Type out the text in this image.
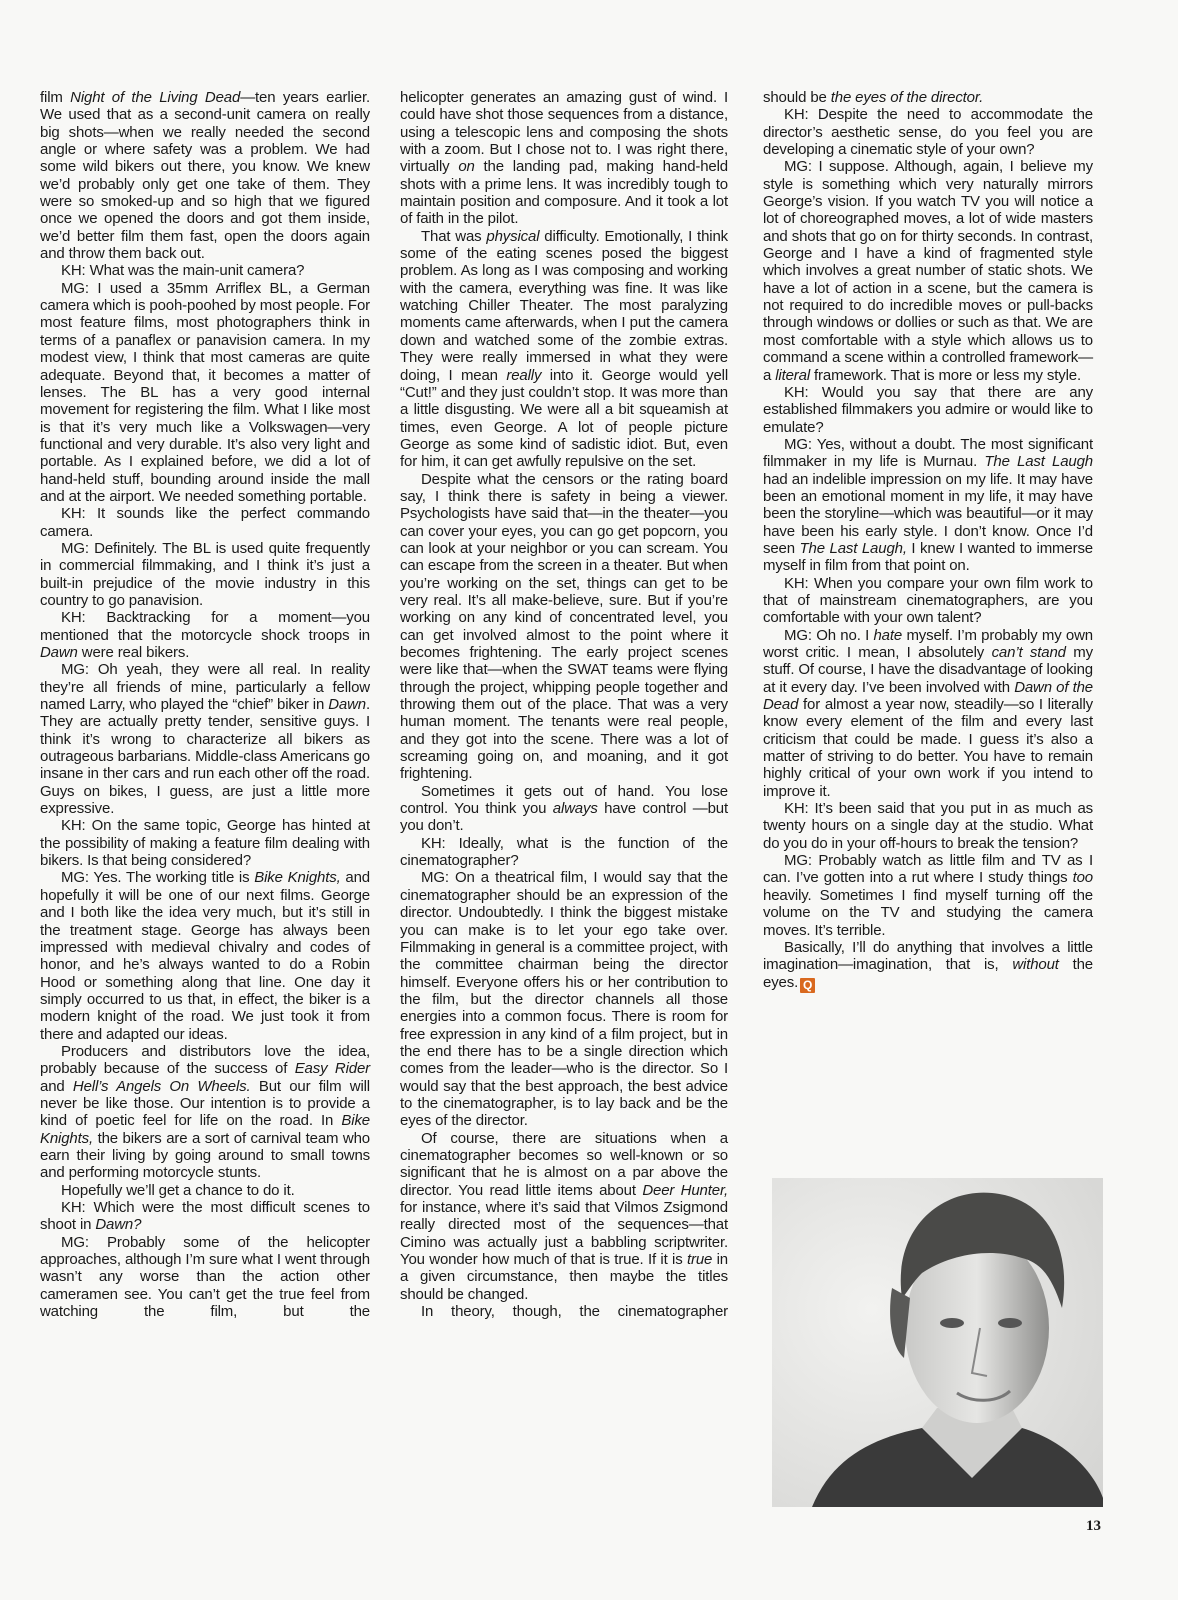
film Night of the Living Dead—ten years earlier. We used that as a second-unit camera on really big shots—when we really needed the second angle or where safety was a problem. We had some wild bikers out there, you know. We knew we’d probably only get one take of them. They were so smoked-up and so high that we figured once we opened the doors and got them inside, we’d better film them fast, open the doors again and throw them back out.

KH: What was the main-unit camera?

MG: I used a 35mm Arriflex BL, a German camera which is pooh-poohed by most people. For most feature films, most photographers think in terms of a panaflex or panavision camera. In my modest view, I think that most cameras are quite adequate. Beyond that, it becomes a matter of lenses. The BL has a very good internal movement for registering the film. What I like most is that it’s very much like a Volkswagen—very functional and very durable. It’s also very light and portable. As I explained before, we did a lot of hand-held stuff, bounding around inside the mall and at the airport. We needed something portable.

KH: It sounds like the perfect commando camera.

MG: Definitely. The BL is used quite frequently in commercial filmmaking, and I think it’s just a built-in prejudice of the movie industry in this country to go panavision.

KH: Backtracking for a moment—you mentioned that the motorcycle shock troops in Dawn were real bikers.

MG: Oh yeah, they were all real. In reality they’re all friends of mine, particularly a fellow named Larry, who played the “chief” biker in Dawn. They are actually pretty tender, sensitive guys. I think it’s wrong to characterize all bikers as outrageous barbarians. Middle-class Americans go insane in ther cars and run each other off the road. Guys on bikes, I guess, are just a little more expressive.

KH: On the same topic, George has hinted at the possibility of making a feature film dealing with bikers. Is that being considered?

MG: Yes. The working title is Bike Knights, and hopefully it will be one of our next films. George and I both like the idea very much, but it’s still in the treatment stage. George has always been impressed with medieval chivalry and codes of honor, and he’s always wanted to do a Robin Hood or something along that line. One day it simply occurred to us that, in effect, the biker is a modern knight of the road. We just took it from there and adapted our ideas.

Producers and distributors love the idea, probably because of the success of Easy Rider and Hell’s Angels On Wheels. But our film will never be like those. Our intention is to provide a kind of poetic feel for life on the road. In Bike Knights, the bikers are a sort of carnival team who earn their living by going around to small towns and performing motorcycle stunts.

Hopefully we’ll get a chance to do it.

KH: Which were the most difficult scenes to shoot in Dawn?

MG: Probably some of the helicopter approaches, although I’m sure what I went through wasn’t any worse than the action other cameramen see. You can’t get the true feel from watching the film, but the

helicopter generates an amazing gust of wind. I could have shot those sequences from a distance, using a telescopic lens and composing the shots with a zoom. But I chose not to. I was right there, virtually on the landing pad, making hand-held shots with a prime lens. It was incredibly tough to maintain position and composure. And it took a lot of faith in the pilot.

That was physical difficulty. Emotionally, I think some of the eating scenes posed the biggest problem. As long as I was composing and working with the camera, everything was fine. It was like watching Chiller Theater. The most paralyzing moments came afterwards, when I put the camera down and watched some of the zombie extras. They were really immersed in what they were doing, I mean really into it. George would yell “Cut!” and they just couldn’t stop. It was more than a little disgusting. We were all a bit squeamish at times, even George. A lot of people picture George as some kind of sadistic idiot. But, even for him, it can get awfully repulsive on the set.

Despite what the censors or the rating board say, I think there is safety in being a viewer. Psychologists have said that—in the theater—you can cover your eyes, you can go get popcorn, you can look at your neighbor or you can scream. You can escape from the screen in a theater. But when you’re working on the set, things can get to be very real. It’s all make-believe, sure. But if you’re working on any kind of concentrated level, you can get involved almost to the point where it becomes frightening. The early project scenes were like that—when the SWAT teams were flying through the project, whipping people together and throwing them out of the place. That was a very human moment. The tenants were real people, and they got into the scene. There was a lot of screaming going on, and moaning, and it got frightening.

Sometimes it gets out of hand. You lose control. You think you always have control —but you don’t.

KH: Ideally, what is the function of the cinematographer?

MG: On a theatrical film, I would say that the cinematographer should be an expression of the director. Undoubtedly. I think the biggest mistake you can make is to let your ego take over. Filmmaking in general is a committee project, with the committee chairman being the director himself. Everyone offers his or her contribution to the film, but the director channels all those energies into a common focus. There is room for free expression in any kind of a film project, but in the end there has to be a single direction which comes from the leader—who is the director. So I would say that the best approach, the best advice to the cinematographer, is to lay back and be the eyes of the director.

Of course, there are situations when a cinematographer becomes so well-known or so significant that he is almost on a par above the director. You read little items about Deer Hunter, for instance, where it’s said that Vilmos Zsigmond really directed most of the sequences—that Cimino was actually just a babbling scriptwriter. You wonder how much of that is true. If it is true in a given circumstance, then maybe the titles should be changed.

In theory, though, the cinematographer

should be the eyes of the director.

KH: Despite the need to accommodate the director’s aesthetic sense, do you feel you are developing a cinematic style of your own?

MG: I suppose. Although, again, I believe my style is something which very naturally mirrors George’s vision. If you watch TV you will notice a lot of choreographed moves, a lot of wide masters and shots that go on for thirty seconds. In contrast, George and I have a kind of fragmented style which involves a great number of static shots. We have a lot of action in a scene, but the camera is not required to do incredible moves or pull-backs through windows or dollies or such as that. We are most comfortable with a style which allows us to command a scene within a controlled framework—a literal framework. That is more or less my style.

KH: Would you say that there are any established filmmakers you admire or would like to emulate?

MG: Yes, without a doubt. The most significant filmmaker in my life is Murnau. The Last Laugh had an indelible impression on my life. It may have been an emotional moment in my life, it may have been the storyline—which was beautiful—or it may have been his early style. I don’t know. Once I’d seen The Last Laugh, I knew I wanted to immerse myself in film from that point on.

KH: When you compare your own film work to that of mainstream cinematographers, are you comfortable with your own talent?

MG: Oh no. I hate myself. I’m probably my own worst critic. I mean, I absolutely can’t stand my stuff. Of course, I have the disadvantage of looking at it every day. I’ve been involved with Dawn of the Dead for almost a year now, steadily—so I literally know every element of the film and every last criticism that could be made. I guess it’s also a matter of striving to do better. You have to remain highly critical of your own work if you intend to improve it.

KH: It’s been said that you put in as much as twenty hours on a single day at the studio. What do you do in your off-hours to break the tension?

MG: Probably watch as little film and TV as I can. I’ve gotten into a rut where I study things too heavily. Sometimes I find myself turning off the volume on the TV and studying the camera moves. It’s terrible.

Basically, I’ll do anything that involves a little imagination—imagination, that is, without the eyes. Q

13
